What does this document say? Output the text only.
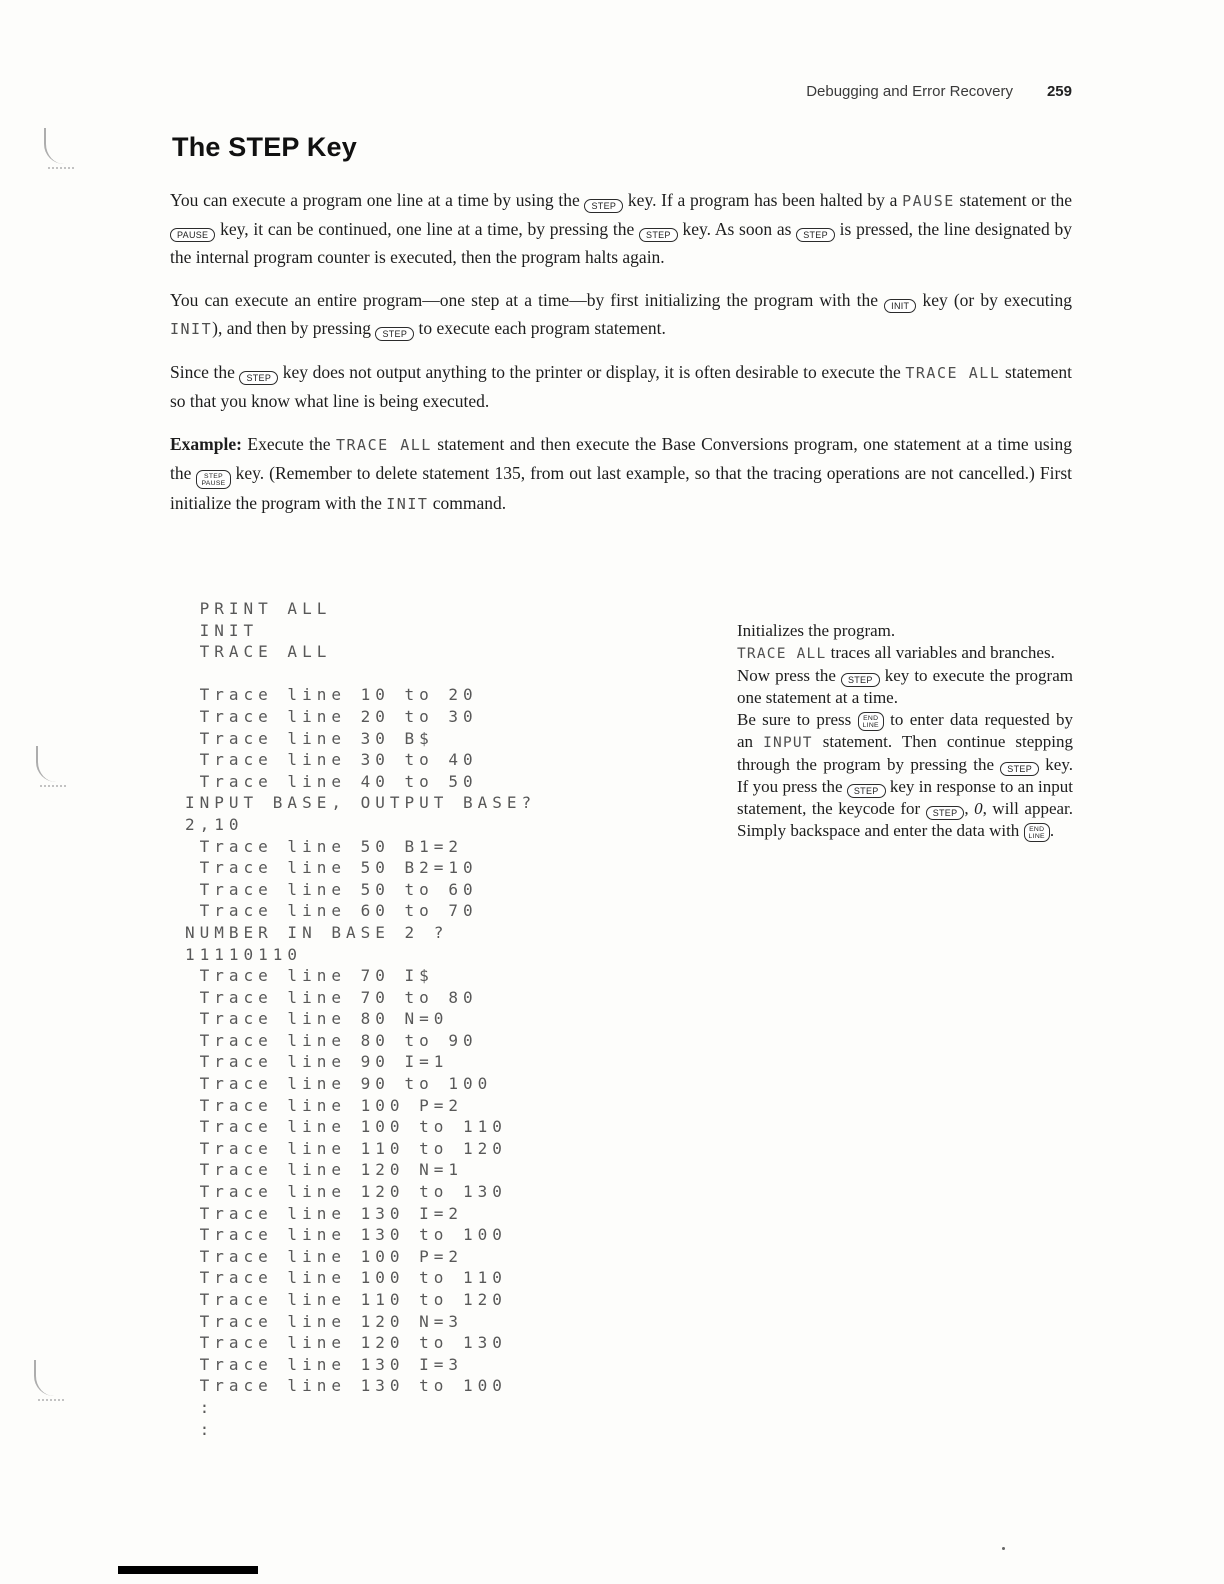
Debugging and Error Recovery 259
The STEP Key

You can execute a program one line at a time by using the STEP key. If a program has been halted by a PAUSE statement or the
PAUSE key, it can be continued, one line at a time, by pressing the STEP key. As soon as STEP is pressed, the line designated by the internal program counter is executed, then the program halts again.

You can execute an entire program—one step at a time—by first initializing the program with the INIT key (or by executing INIT), and then by pressing STEP to execute each program statement.

Since the STEP key does not output anything to the printer or display, it is often desirable to execute the TRACE ALL statement so that you know what line is being executed.

Example: Execute the TRACE ALL statement and then execute the Base Conversions program, one statement at a time using the	STEP
PAUSE
key. (Remember to delete statement 135, from out last example, so that the tracing operations are not cancelled.) First initialize the program with the INIT command.

PRINT ALL
INIT
TRACE ALL

Trace line 10 to 20
Trace line 20 to 30
Trace line 30 B$
Trace line 30 to 40
Trace line 40 to 50
INPUT BASE, OUTPUT BASE?
2,10
Trace line 50 B1=2
Trace line 50 B2=10
Trace line 50 to 60
Trace line 60 to 70
NUMBER IN BASE 2 ?
11110110
Trace line 70 I$
Trace line 70 to 80
Trace line 80 N=0
Trace line 80 to 90
Trace line 90 I=1
Trace line 90 to 100
Trace line 100 P=2
Trace line 100 to 110
Trace line 110 to 120
Trace line 120 N=1
Trace line 120 to 130
Trace line 130 I=2
Trace line 130 to 100
Trace line 100 P=2
Trace line 100 to 110
Trace line 110 to 120
Trace line 120 N=3
Trace line 120 to 130
Trace line 130 I=3
Trace line 130 to 100
:
:

Initializes the program.

TRACE ALL traces all variables and branches.

Now press the STEP key to execute the program one statement at a time.

Be sure to press END
LINE to enter data requested by an INPUT statement. Then continue stepping through the program by pressing the STEP key. If you press the STEP key in response to an input statement, the keycode for STEP , 0, will appear. Simply backspace and enter the data with END
LINE .
